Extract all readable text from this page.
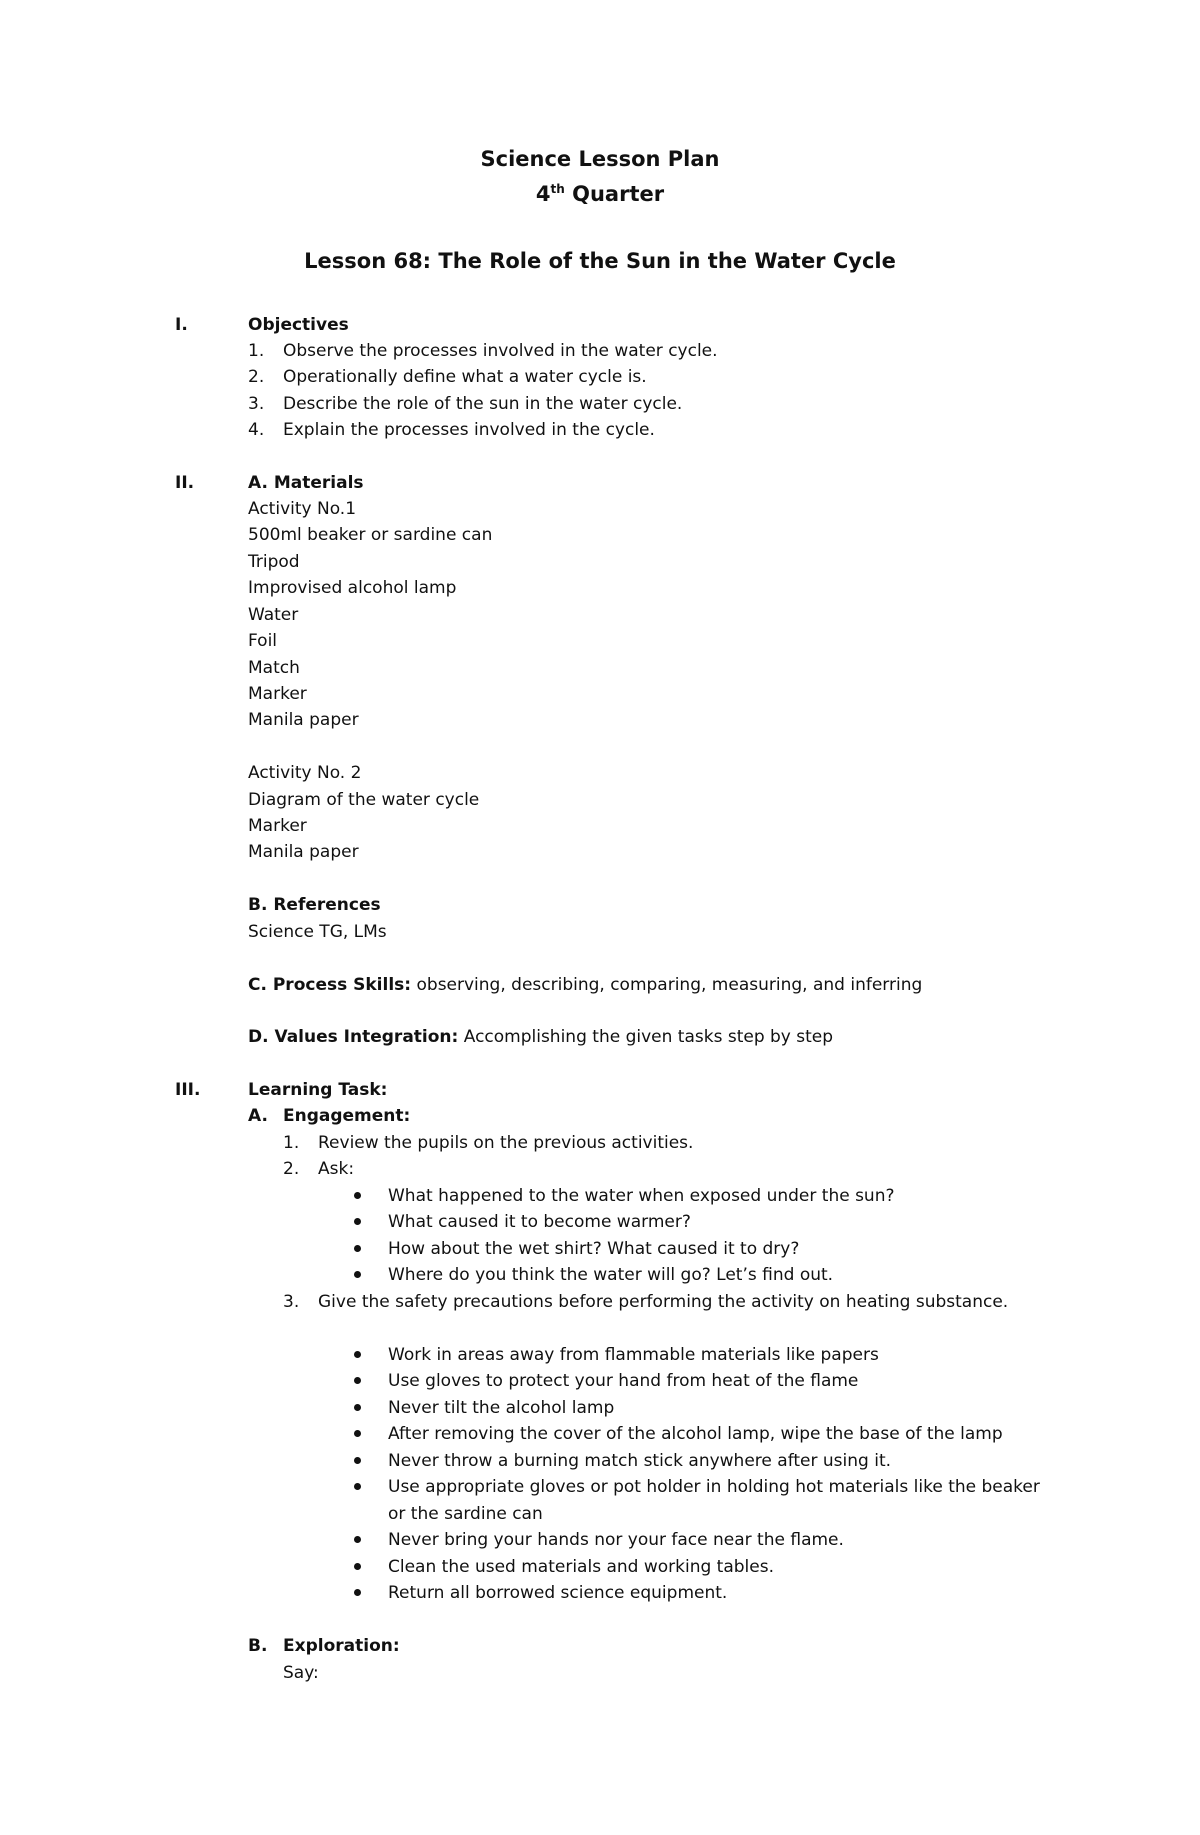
Science Lesson Plan
4th Quarter
Lesson 68: The Role of the Sun in the Water Cycle
I.	Objectives
1. Observe the processes involved in the water cycle.
2. Operationally define what a water cycle is.
3. Describe the role of the sun in the water cycle.
4. Explain the processes involved in the cycle.
II.	A. Materials
Activity No.1
500ml beaker or sardine can
Tripod
Improvised alcohol lamp
Water
Foil
Match
Marker
Manila paper
Activity No. 2
Diagram of the water cycle
Marker
Manila paper
B. References
Science TG, LMs
C. Process Skills: observing, describing, comparing, measuring, and inferring
D. Values Integration: Accomplishing the given tasks step by step
III.	Learning Task:
A. Engagement:
1. Review the pupils on the previous activities.
2. Ask:
What happened to the water when exposed under the sun?
What caused it to become warmer?
How about the wet shirt? What caused it to dry?
Where do you think the water will go? Let’s find out.
3. Give the safety precautions before performing the activity on heating substance.
Work in areas away from flammable materials like papers
Use gloves to protect your hand from heat of the flame
Never tilt the alcohol lamp
After removing the cover of the alcohol lamp, wipe the base of the lamp
Never throw a burning match stick anywhere after using it.
Use appropriate gloves or pot holder in holding hot materials like the beaker
or the sardine can
Never bring your hands nor your face near the flame.
Clean the used materials and working tables.
Return all borrowed science equipment.
B. Exploration:
Say:
